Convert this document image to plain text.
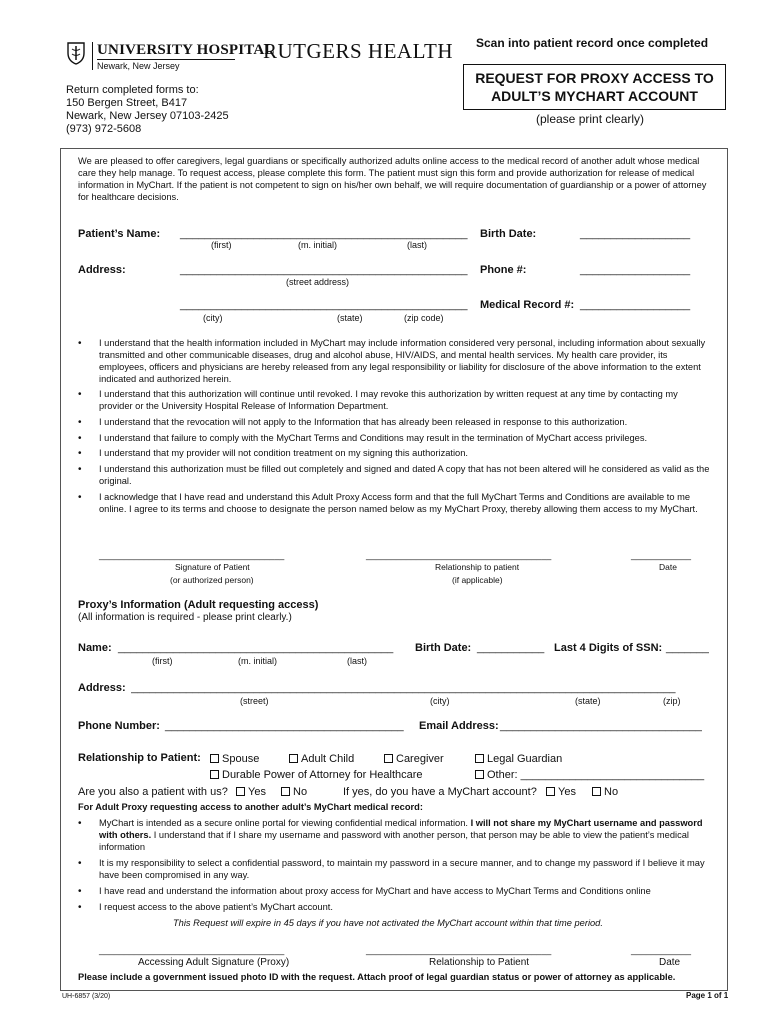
UNIVERSITY HOSPITAL
Newark, New Jersey
RUTGERS HEALTH Scan into patient record once completed
REQUEST FOR PROXY ACCESS TO
ADULT’S MYCHART ACCOUNT
(please print clearly)
Return completed forms to:
150 Bergen Street, B417
Newark, New Jersey 07103-2425
(973) 972-5608
We are pleased to offer caregivers, legal guardians or specifically authorized adults online access to the medical record of another adult whose medical care they help manage. To request access, please complete this form. The patient must sign this form and provide authorization for release of medical information in MyChart. If the patient is not competent to sign on his/her own behalf, we will require documentation of guardianship or a power of attorney for healthcare decisions.
Patient’s Name: _______________________________________________
(first)	(m. initial)	(last)
Birth Date:	__________________
Address:	_______________________________________________
(street address)
Phone #:	__________________
_______________________________________________ Medical Record #: __________________
(city)	(state)	(zip code)
• I understand that the health information included in MyChart may include information considered very personal, including information about sexually transmitted and other communicable diseases, drug and alcohol abuse, HIV/AIDS, and mental health services. My health care provider, its employees, officers and physicians are hereby released from any legal responsibility or liability for disclosure of the above information to the extent indicated and authorized herein.
• I understand that this authorization will continue until revoked. I may revoke this authorization by written request at any time by contacting my provider or the University Hospital Release of Information Department.
• I understand that the revocation will not apply to the Information that has already been released in response to this authorization.
• I understand that failure to comply with the MyChart Terms and Conditions may result in the termination of MyChart access privileges.
• I understand that my provider will not condition treatment on my signing this authorization.
• I understand this authorization must be filled out completely and signed and dated A copy that has not been altered will he considered as valid as the original.
• I acknowledge that I have read and understand this Adult Proxy Access form and that the full MyChart Terms and Conditions are available to me online. I agree to its terms and choose to designate the person named below as my MyChart Proxy, thereby allowing them access to my MyChart.
_____________________________________	_____________________________________	____________
Signature of Patient
(or authorized person)
Relationship to patient
(if applicable)
Date
Proxy’s Information (Adult requesting access)
(All information is required - please print clearly.)
Name: _____________________________________________
(first)	(m. initial)	(last)
Birth Date: ___________ Last 4 Digits of SSN: _______
Address: _________________________________________________________________________________________
(street)	(city)	(state)	(zip)
Phone Number: _______________________________________ Email Address: _________________________________
Relationship to Patient:	Spouse	Adult Child	Caregiver	Legal Guardian
Durable Power of Attorney for Healthcare	Other: ______________________________
Are you also a patient with us?	Yes	No	If yes, do you have a MyChart account?	Yes	No
For Adult Proxy requesting access to another adult’s MyChart medical record:
• MyChart is intended as a secure online portal for viewing confidential medical information. I will not share my MyChart username and password with others. I understand that if I share my username and password with another person, that person may be able to view the patient’s medical information
• It is my responsibility to select a confidential password, to maintain my password in a secure manner, and to change my password if I believe it may have been compromised in any way.
• I have read and understand the information about proxy access for MyChart and have access to MyChart Terms and Conditions online
• I request access to the above patient’s MyChart account.
This Request will expire in 45 days if you have not activated the MyChart account within that time period.
_____________________________________	_____________________________________	____________
Accessing Adult Signature (Proxy)	Relationship to Patient	Date
Please include a government issued photo ID with the request. Attach proof of legal guardian status or power of attorney as applicable.
UH-6857 (3/20)	Page 1 of 1
